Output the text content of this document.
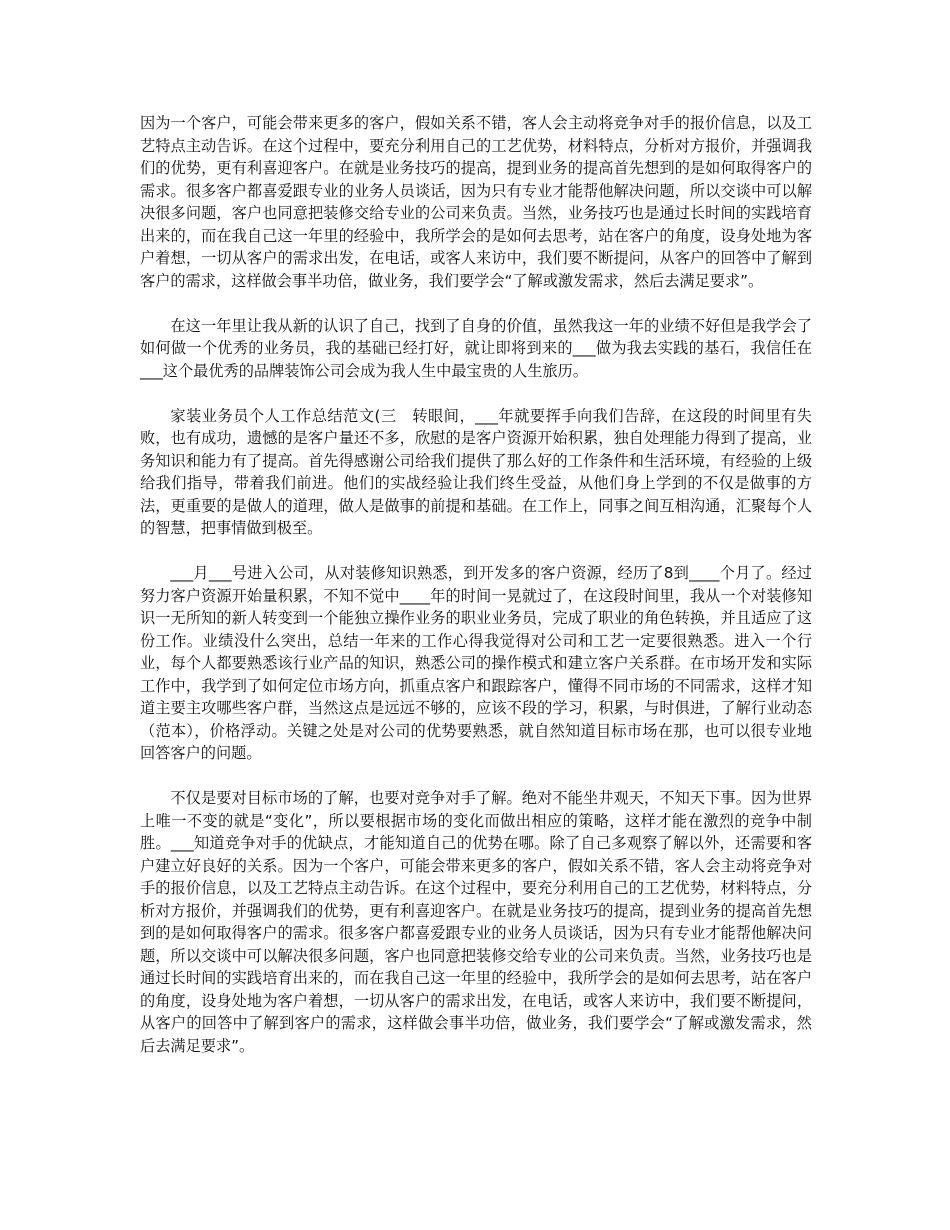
因为一个客户，可能会带来更多的客户，假如关系不错，客人会主动将竞争对手的报价信息，以及工艺特点主动告诉。在这个过程中，要充分利用自己的工艺优势，材料特点，分析对方报价，并强调我们的优势，更有利喜迎客户。在就是业务技巧的提高，提到业务的提高首先想到的是如何取得客户的需求。很多客户都喜爱跟专业的业务人员谈话，因为只有专业才能帮他解决问题，所以交谈中可以解决很多问题，客户也同意把装修交给专业的公司来负责。当然，业务技巧也是通过长时间的实践培育出来的，而在我自己这一年里的经验中，我所学会的是如何去思考，站在客户的角度，设身处地为客户着想，一切从客户的需求出发，在电话，或客人来访中，我们要不断提问，从客户的回答中了解到客户的需求，这样做会事半功倍，做业务，我们要学会“了解或激发需求，然后去满足要求”。

在这一年里让我从新的认识了自己，找到了自身的价值，虽然我这一年的业绩不好但是我学会了如何做一个优秀的业务员，我的基础已经打好，就让即将到来的___做为我去实践的基石，我信任在___这个最优秀的品牌装饰公司会成为我人生中最宝贵的人生旅历。

家装业务员个人工作总结范文(三　转眼间，___年就要挥手向我们告辞，在这段的时间里有失败，也有成功，遗憾的是客户量还不多，欣慰的是客户资源开始积累，独自处理能力得到了提高，业务知识和能力有了提高。首先得感谢公司给我们提供了那么好的工作条件和生活环境，有经验的上级给我们指导，带着我们前进。他们的实战经验让我们终生受益，从他们身上学到的不仅是做事的方法，更重要的是做人的道理，做人是做事的前提和基础。在工作上，同事之间互相沟通，汇聚每个人的智慧，把事情做到极至。

___月___号进入公司，从对装修知识熟悉，到开发多的客户资源，经历了8到____个月了。经过努力客户资源开始量积累，不知不觉中____年的时间一晃就过了，在这段时间里，我从一个对装修知识一无所知的新人转变到一个能独立操作业务的职业业务员，完成了职业的角色转换，并且适应了这份工作。业绩没什么突出，总结一年来的工作心得我觉得对公司和工艺一定要很熟悉。进入一个行业，每个人都要熟悉该行业产品的知识，熟悉公司的操作模式和建立客户关系群。在市场开发和实际工作中，我学到了如何定位市场方向，抓重点客户和跟踪客户，懂得不同市场的不同需求，这样才知道主要主攻哪些客户群，当然这点是远远不够的，应该不段的学习，积累，与时俱进，了解行业动态（范本），价格浮动。关键之处是对公司的优势要熟悉，就自然知道目标市场在那，也可以很专业地回答客户的问题。

不仅是要对目标市场的了解，也要对竞争对手了解。绝对不能坐井观天，不知天下事。因为世界上唯一不变的就是“变化”，所以要根据市场的变化而做出相应的策略，这样才能在激烈的竞争中制胜。___知道竞争对手的优缺点，才能知道自己的优势在哪。除了自己多观察了解以外，还需要和客户建立好良好的关系。因为一个客户，可能会带来更多的客户，假如关系不错，客人会主动将竞争对手的报价信息，以及工艺特点主动告诉。在这个过程中，要充分利用自己的工艺优势，材料特点，分析对方报价，并强调我们的优势，更有利喜迎客户。在就是业务技巧的提高，提到业务的提高首先想到的是如何取得客户的需求。很多客户都喜爱跟专业的业务人员谈话，因为只有专业才能帮他解决问题，所以交谈中可以解决很多问题，客户也同意把装修交给专业的公司来负责。当然，业务技巧也是通过长时间的实践培育出来的，而在我自己这一年里的经验中，我所学会的是如何去思考，站在客户的角度，设身处地为客户着想，一切从客户的需求出发，在电话，或客人来访中，我们要不断提问，从客户的回答中了解到客户的需求，这样做会事半功倍，做业务，我们要学会“了解或激发需求，然后去满足要求”。
